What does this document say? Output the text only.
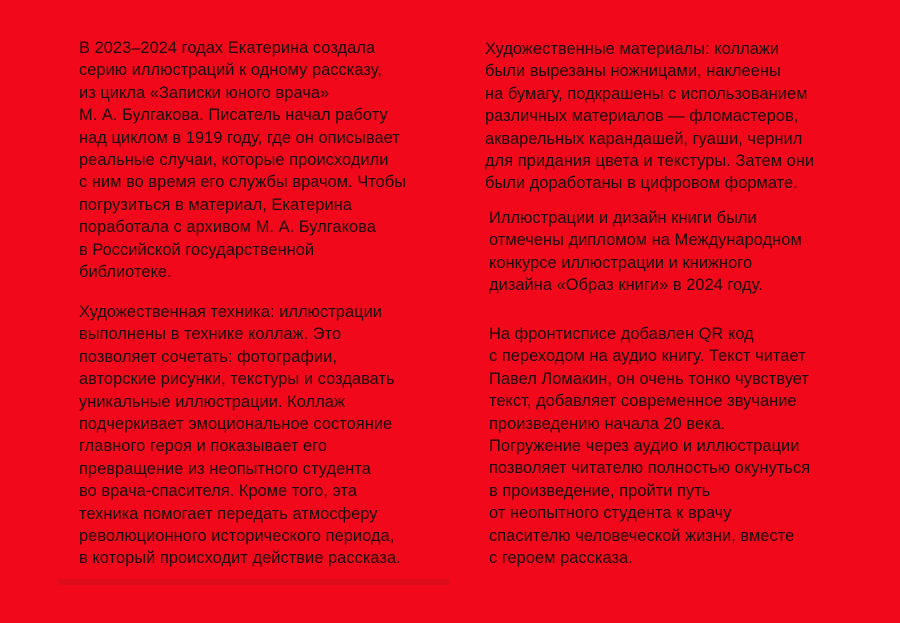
В 2023–2024 годах Екатерина создала
серию иллюстраций к одному рассказу,
из цикла «Записки юного врача»
М. А. Булгакова. Писатель начал работу
над циклом в 1919 году, где он описывает
реальные случаи, которые происходили
с ним во время его службы врачом. Чтобы
погрузиться в материал, Екатерина
поработала с архивом М. А. Булгакова
в Российской государственной
библиотеке.

Художественная техника: иллюстрации
выполнены в технике коллаж. Это
позволяет сочетать: фотографии,
авторские рисунки, текстуры и создавать
уникальные иллюстрации. Коллаж
подчеркивает эмоциональное состояние
главного героя и показывает его
превращение из неопытного студента
во врача-спасителя. Кроме того, эта
техника помогает передать атмосферу
революционного исторического периода,
в который происходит действие рассказа.

Художественные материалы: коллажи
были вырезаны ножницами, наклеены
на бумагу, подкрашены с использованием
различных материалов — фломастеров,
акварельных карандашей, гуаши, чернил
для придания цвета и текстуры. Затем они
были доработаны в цифровом формате.

Иллюстрации и дизайн книги были
отмечены дипломом на Международном
конкурсе иллюстрации и книжного
дизайна «Образ книги» в 2024 году.

На фронтисписе добавлен QR код
с переходом на аудио книгу. Текст читает
Павел Ломакин, он очень тонко чувствует
текст, добавляет современное звучание
произведению начала 20 века.
Погружение через аудио и иллюстрации
позволяет читателю полностью окунуться
в произведение, пройти путь
от неопытного студента к врачу
спасителю человеческой жизни, вместе
с героем рассказа.
